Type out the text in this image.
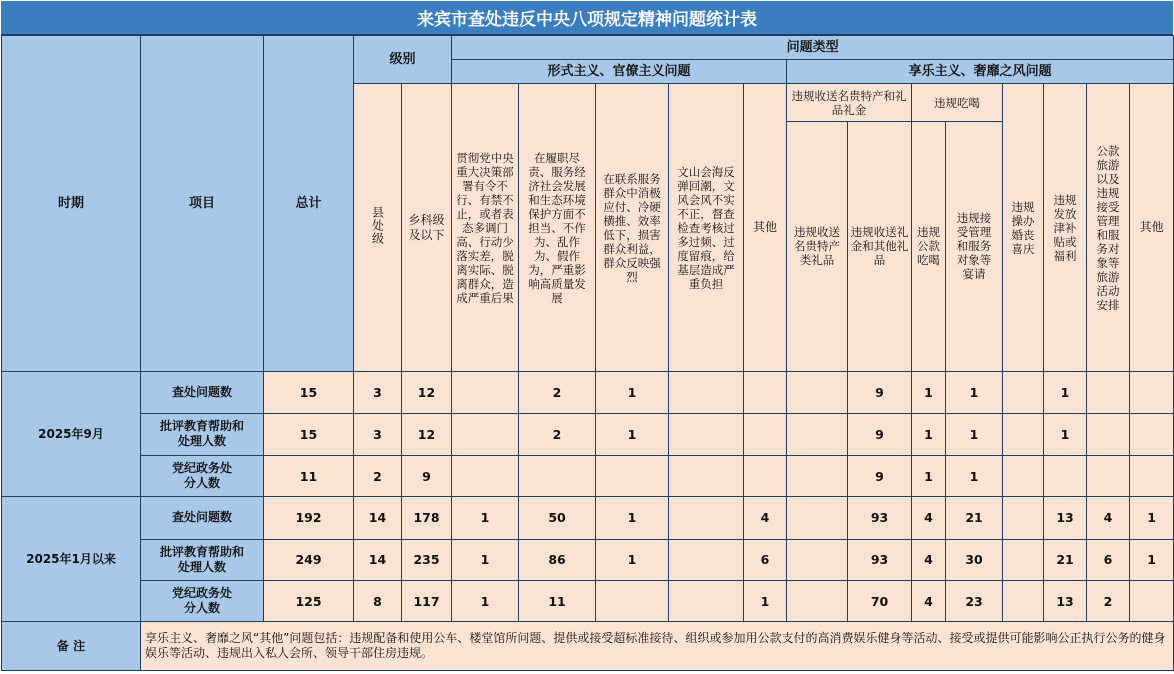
来宾市查处违反中央八项规定精神问题统计表
时期	项目	总计	级别		问题类型												
					形式主义、官僚主义问题					享乐主义、奢靡之风问题							
			县处级	乡科级及以下	贯彻党中央重大决策部署有令不行、有禁不止，或者表态多调门高、行动少落实差，脱离实际、脱离群众，造成严重后果	在履职尽责、服务经济社会发展和生态环境保护方面不担当、不作为、乱作为、假作为，严重影响高质量发展	在联系服务群众中消极应付、冷硬横推、效率低下，损害群众利益，群众反映强烈	文山会海反弹回潮，文风会风不实不正，督查检查考核过多过频、过度留痕，给基层造成严重负担	其他	违规收送名贵特产和礼品礼金		违规吃喝		违规操办婚丧喜庆	违规发放津补贴或福利	公款旅游以及违规接受管理和服务对象等旅游活动安排	其他
										违规收送名贵特产类礼品	违规收送礼金和其他礼品	违规公款吃喝	违规接受管理和服务对象等宴请				

2025年9月	查处问题数	15	3	12		2	1				9	1	1		1		
	批评教育帮助和处理人数	15	3	12		2	1				9	1	1		1		
	党纪政务处分人数	11	2	9							9	1	1				
2025年1月以来	查处问题数	192	14	178	1	50	1		4		93	4	21		13	4	1
	批评教育帮助和处理人数	249	14	235	1	86	1		6		93	4	30		21	6	1
	党纪政务处分人数	125	8	117	1	11			1		70	4	23		13	2	
备 注	享乐主义、奢靡之风“其他”问题包括：违规配备和使用公车、楼堂馆所问题、提供或接受超标准接待、组织或参加用公款支付的高消费娱乐健身等活动、接受或提供可能影响公正执行公务的健身娱乐等活动、违规出入私人会所、领导干部住房违规。																
